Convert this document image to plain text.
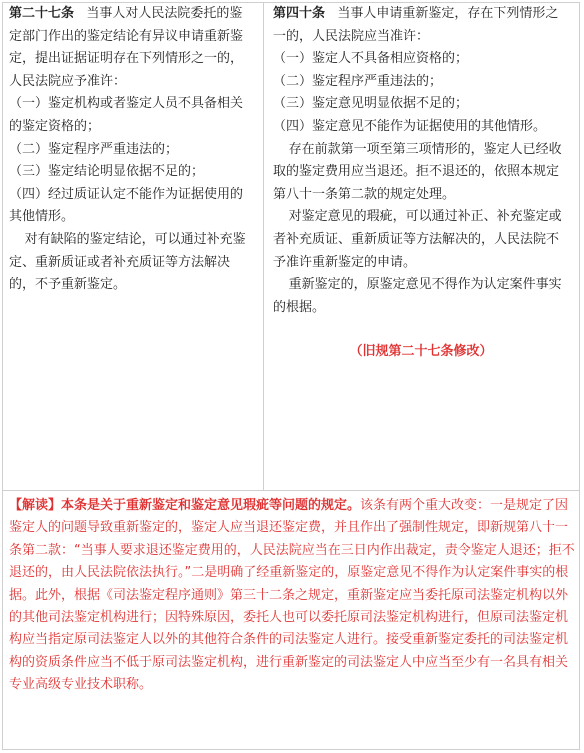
第二十七条 当事人对人民法院委托的鉴定部门作出的鉴定结论有异议申请重新鉴定，提出证据证明存在下列情形之一的，人民法院应予准许：

（一）鉴定机构或者鉴定人员不具备相关的鉴定资格的；

（二）鉴定程序严重违法的；

（三）鉴定结论明显依据不足的；

（四）经过质证认定不能作为证据使用的其他情形。

对有缺陷的鉴定结论，可以通过补充鉴定、重新质证或者补充质证等方法解决的，不予重新鉴定。

第四十条 当事人申请重新鉴定，存在下列情形之一的，人民法院应当准许：

（一）鉴定人不具备相应资格的；

（二）鉴定程序严重违法的；

（三）鉴定意见明显依据不足的；

（四）鉴定意见不能作为证据使用的其他情形。

存在前款第一项至第三项情形的，鉴定人已经收取的鉴定费用应当退还。拒不退还的，依照本规定第八十一条第二款的规定处理。

对鉴定意见的瑕疵，可以通过补正、补充鉴定或者补充质证、重新质证等方法解决的，人民法院不予准许重新鉴定的申请。

重新鉴定的，原鉴定意见不得作为认定案件事实的根据。

（旧规第二十七条修改）

【解读】本条是关于重新鉴定和鉴定意见瑕疵等问题的规定。该条有两个重大改变：一是规定了因鉴定人的问题导致重新鉴定的，鉴定人应当退还鉴定费，并且作出了强制性规定，即新规第八十一条第二款：“当事人要求退还鉴定费用的，人民法院应当在三日内作出裁定，责令鉴定人退还；拒不退还的，由人民法院依法执行。”二是明确了经重新鉴定的，原鉴定意见不得作为认定案件事实的根据。此外，根据《司法鉴定程序通则》第三十二条之规定，重新鉴定应当委托原司法鉴定机构以外的其他司法鉴定机构进行；因特殊原因，委托人也可以委托原司法鉴定机构进行，但原司法鉴定机构应当指定原司法鉴定人以外的其他符合条件的司法鉴定人进行。接受重新鉴定委托的司法鉴定机构的资质条件应当不低于原司法鉴定机构，进行重新鉴定的司法鉴定人中应当至少有一名具有相关专业高级专业技术职称。
